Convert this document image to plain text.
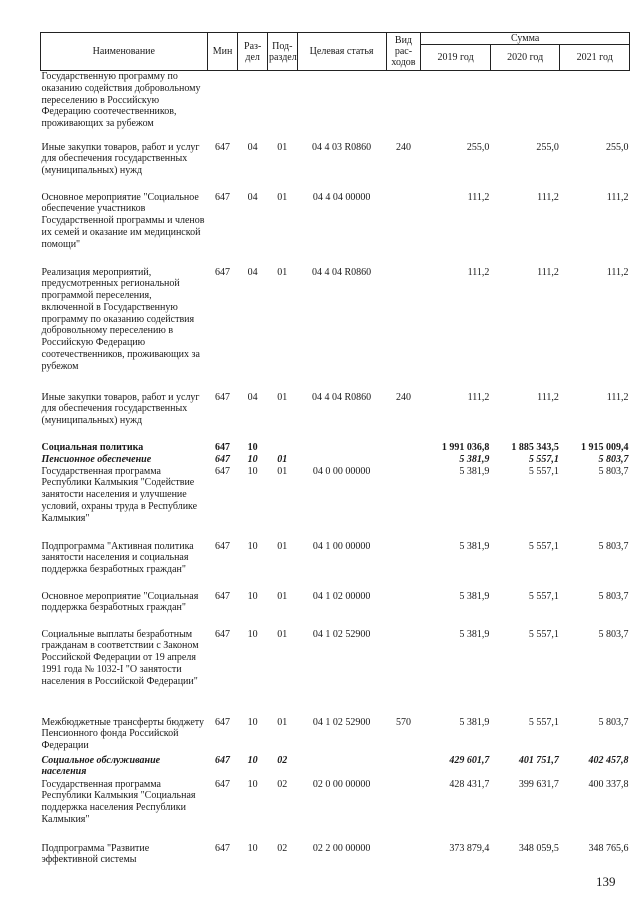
Наименование	Мин	Раз-дел	Под-раздел	Целевая статья	Вид рас-ходов	Сумма		
						2019 год	2020 год	2021 год
Государственную программу по оказанию содействия добровольному переселению в Российскую Федерацию соотечественников, проживающих за рубежом								
Иные закупки товаров, работ и услуг для обеспечения государственных (муниципальных) нужд	647	04	01	04 4 03 R0860	240	255,0	255,0	255,0
Основное мероприятие "Социальное обеспечение участников Государственной программы и членов их семей и оказание им медицинской помощи"	647	04	01	04 4 04 00000		111,2	111,2	111,2
Реализация мероприятий, предусмотренных региональной программой переселения, включенной в Государственную программу по оказанию содействия добровольному переселению в Российскую Федерацию соотечественников, проживающих за рубежом	647	04	01	04 4 04 R0860		111,2	111,2	111,2
Иные закупки товаров, работ и услуг для обеспечения государственных (муниципальных) нужд	647	04	01	04 4 04 R0860	240	111,2	111,2	111,2
Социальная политика	647	10				1 991 036,8	1 885 343,5	1 915 009,4
Пенсионное обеспечение	647	10	01			5 381,9	5 557,1	5 803,7
Государственная программа Республики Калмыкия "Содействие занятости населения и улучшение условий, охраны труда в Республике Калмыкия"	647	10	01	04 0 00 00000		5 381,9	5 557,1	5 803,7
Подпрограмма "Активная политика занятости населения и социальная поддержка безработных граждан"	647	10	01	04 1 00 00000		5 381,9	5 557,1	5 803,7
Основное мероприятие "Социальная поддержка безработных граждан"	647	10	01	04 1 02 00000		5 381,9	5 557,1	5 803,7
Социальные выплаты безработным гражданам в соответствии с Законом Российской Федерации от 19 апреля 1991 года № 1032-I "О занятости населения в Российской Федерации"	647	10	01	04 1 02 52900		5 381,9	5 557,1	5 803,7
Межбюджетные трансферты бюджету Пенсионного фонда Российской Федерации	647	10	01	04 1 02 52900	570	5 381,9	5 557,1	5 803,7
Социальное обслуживание населения	647	10	02			429 601,7	401 751,7	402 457,8
Государственная программа Республики Калмыкия "Социальная поддержка населения Республики Калмыкия"	647	10	02	02 0 00 00000		428 431,7	399 631,7	400 337,8
Подпрограмма "Развитие эффективной системы	647	10	02	02 2 00 00000		373 879,4	348 059,5	348 765,6
139
